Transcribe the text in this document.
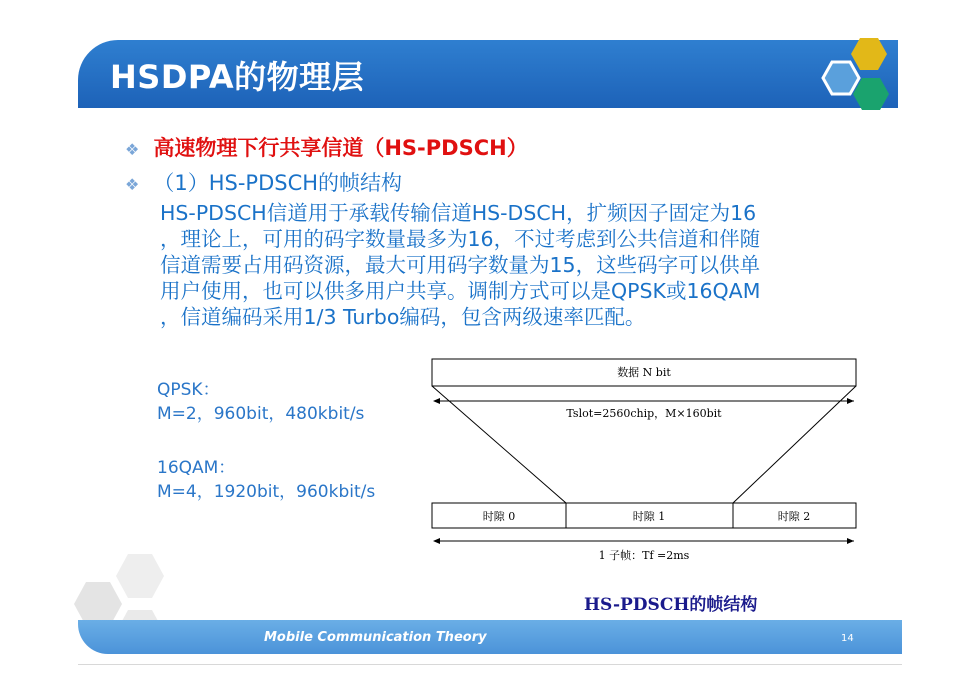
HSDPA的物理层
❖ 高速物理下行共享信道（HS-PDSCH）
❖ （1）HS-PDSCH的帧结构
HS-PDSCH信道用于承载传输信道HS-DSCH，扩频因子固定为16
，理论上，可用的码字数量最多为16，不过考虑到公共信道和伴随
信道需要占用码资源，最大可用码字数量为15，这些码字可以供单
用户使用，也可以供多用户共享。调制方式可以是QPSK或16QAM
，信道编码采用1/3 Turbo编码，包含两级速率匹配。
QPSK：
M=2，960bit，480kbit/s
16QAM：
M=4，1920bit，960kbit/s
数据 N bit
Tslot=2560chip，M×160bit
时隙 0	时隙 1	时隙 2
1 子帧：Tf =2ms
HS-PDSCH的帧结构
Mobile Communication Theory	14
